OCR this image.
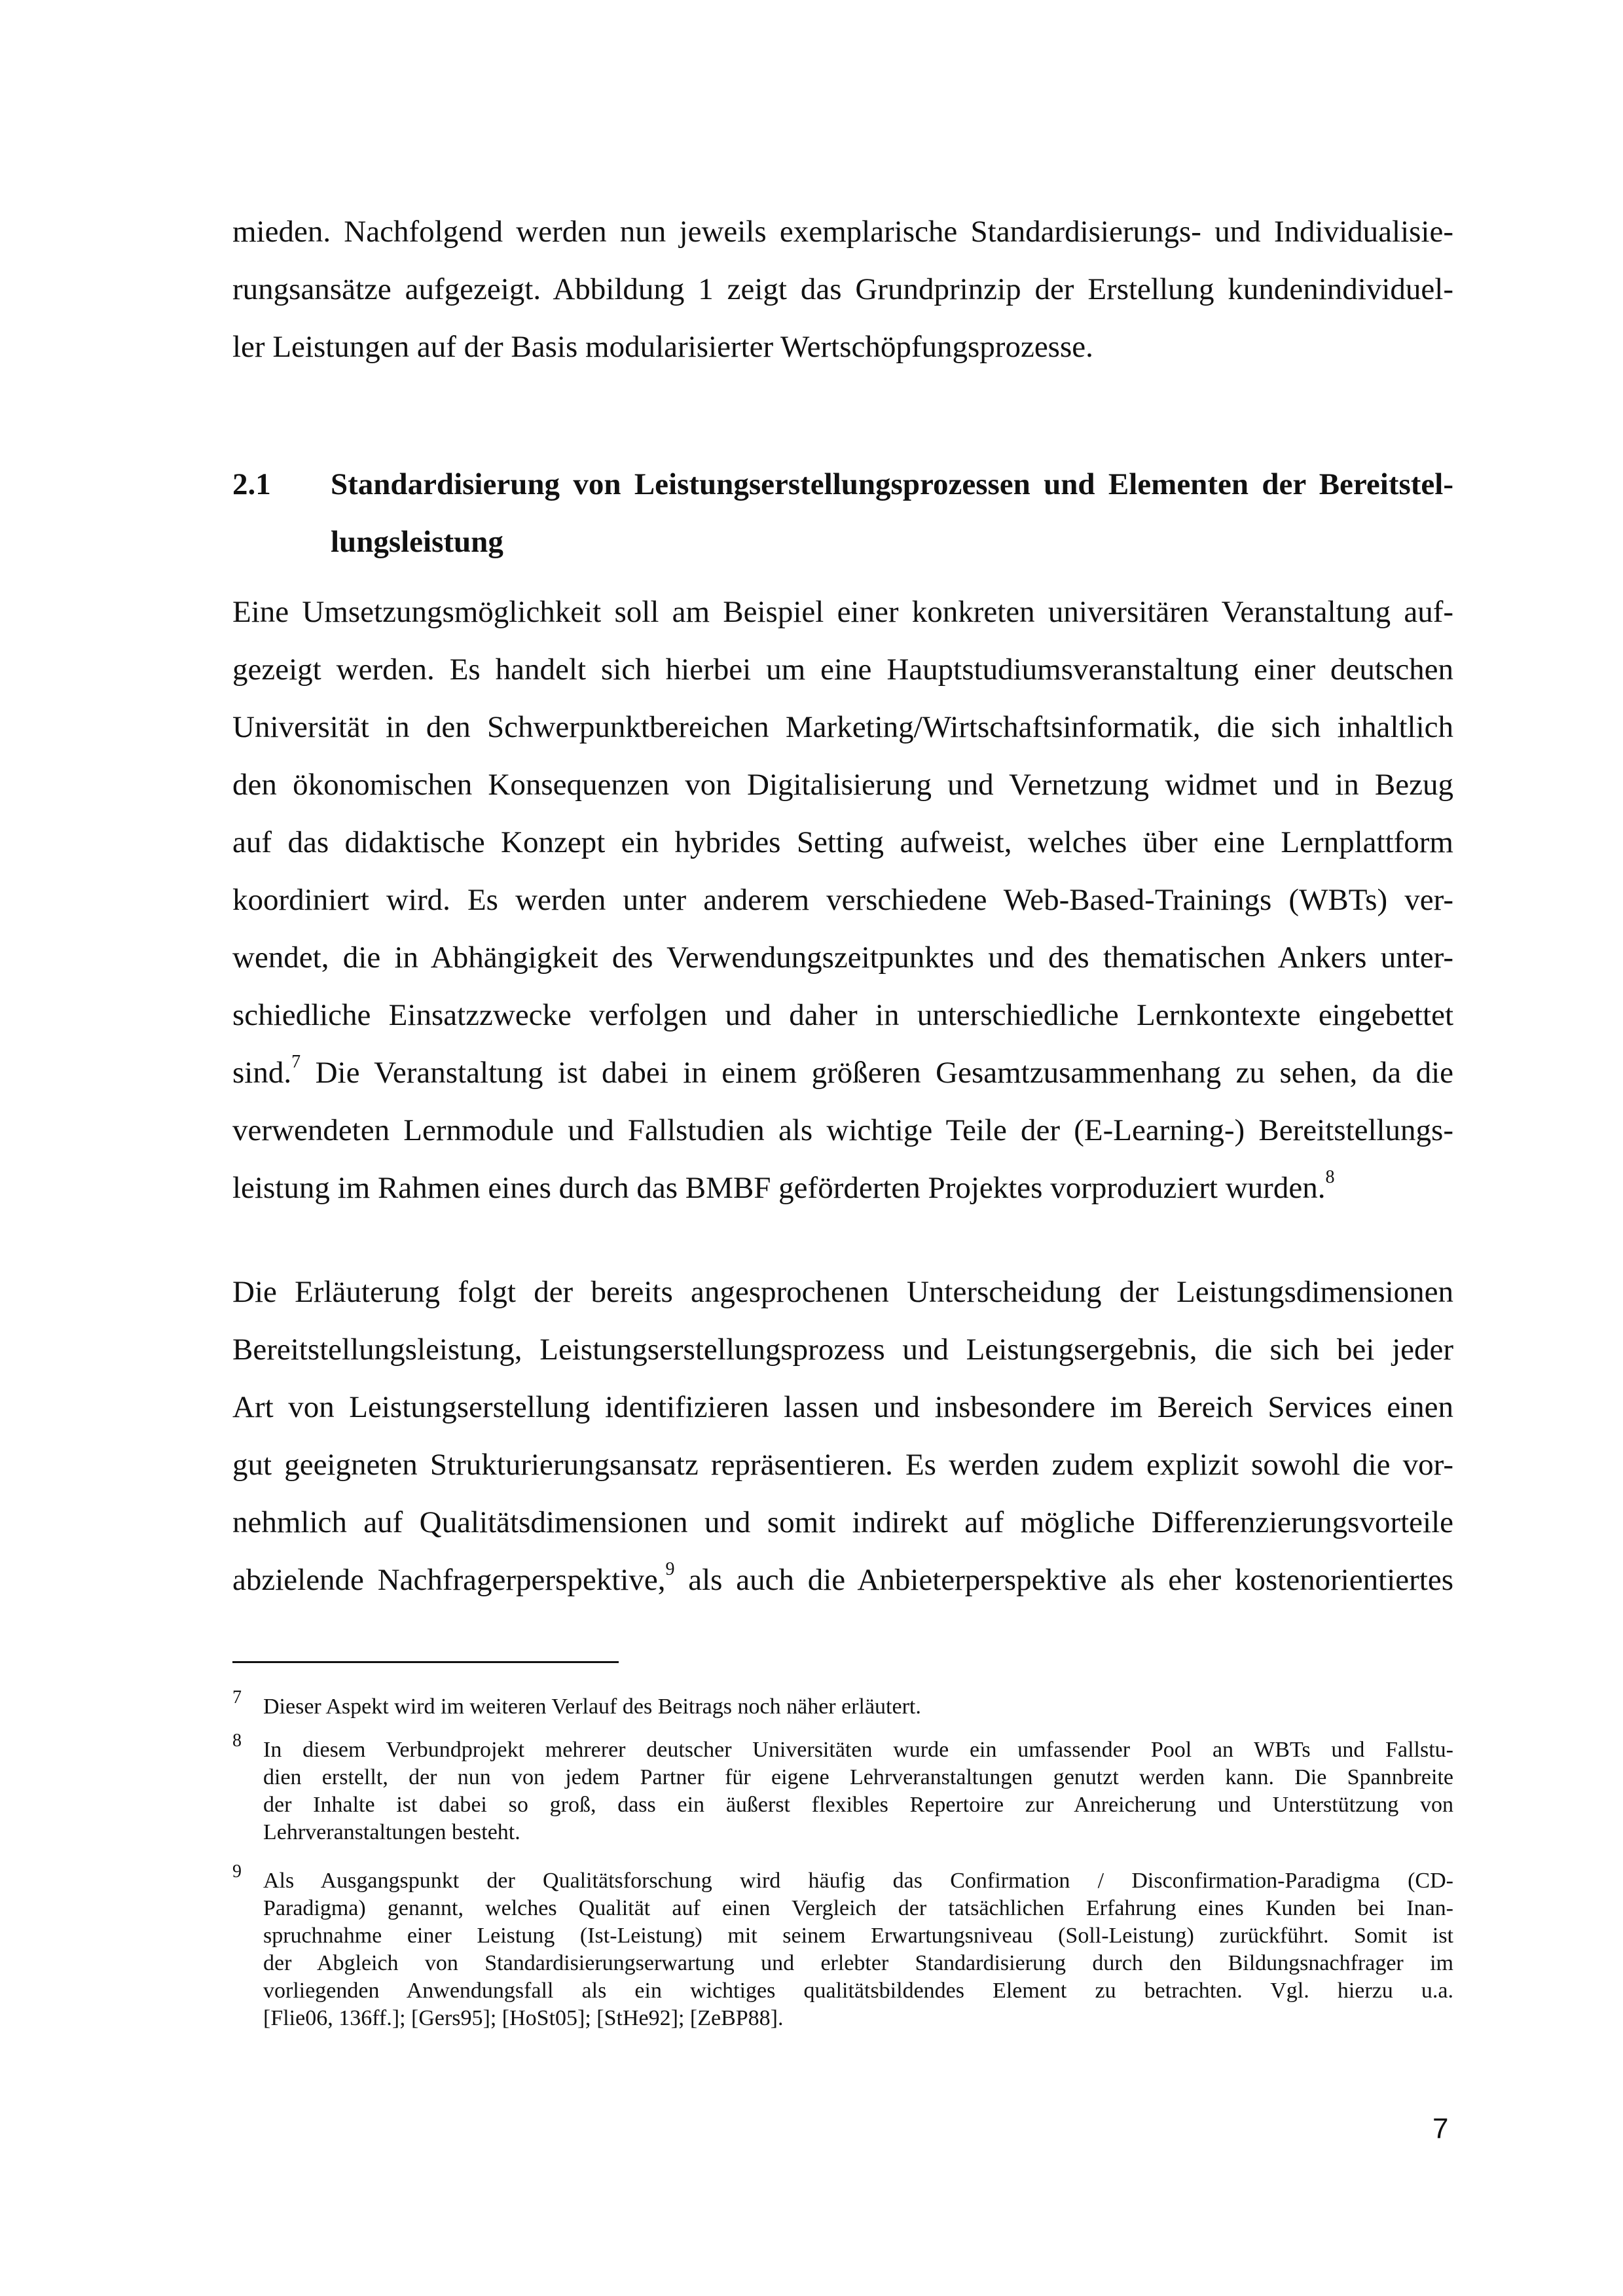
mieden. Nachfolgend werden nun jeweils exemplarische Standardisierungs- und Individualisie-
rungsansätze aufgezeigt. Abbildung 1 zeigt das Grundprinzip der Erstellung kundenindividuel-
ler Leistungen auf der Basis modularisierter Wertschöpfungsprozesse.
2.1 Standardisierung von Leistungserstellungsprozessen und Elementen der Bereitstel-
lungsleistung
Eine Umsetzungsmöglichkeit soll am Beispiel einer konkreten universitären Veranstaltung auf-
gezeigt werden. Es handelt sich hierbei um eine Hauptstudiumsveranstaltung einer deutschen
Universität in den Schwerpunktbereichen Marketing/Wirtschaftsinformatik, die sich inhaltlich
den ökonomischen Konsequenzen von Digitalisierung und Vernetzung widmet und in Bezug
auf das didaktische Konzept ein hybrides Setting aufweist, welches über eine Lernplattform
koordiniert wird. Es werden unter anderem verschiedene Web-Based-Trainings (WBTs) ver-
wendet, die in Abhängigkeit des Verwendungszeitpunktes und des thematischen Ankers unter-
schiedliche Einsatzzwecke verfolgen und daher in unterschiedliche Lernkontexte eingebettet
sind.$^7$ Die Veranstaltung ist dabei in einem größeren Gesamtzusammenhang zu sehen, da die
verwendeten Lernmodule und Fallstudien als wichtige Teile der (E-Learning-) Bereitstellungs-
leistung im Rahmen eines durch das BMBF geförderten Projektes vorproduziert wurden.$^8$
Die Erläuterung folgt der bereits angesprochenen Unterscheidung der Leistungsdimensionen
Bereitstellungsleistung, Leistungserstellungsprozess und Leistungsergebnis, die sich bei jeder
Art von Leistungserstellung identifizieren lassen und insbesondere im Bereich Services einen
gut geeigneten Strukturierungsansatz repräsentieren. Es werden zudem explizit sowohl die vor-
nehmlich auf Qualitätsdimensionen und somit indirekt auf mögliche Differenzierungsvorteile
abzielende Nachfragerperspektive,$^9$ als auch die Anbieterperspektive als eher kostenorientiertes
7 Dieser Aspekt wird im weiteren Verlauf des Beitrags noch näher erläutert.
8 In diesem Verbundprojekt mehrerer deutscher Universitäten wurde ein umfassender Pool an WBTs und Fallstu-
dien erstellt, der nun von jedem Partner für eigene Lehrveranstaltungen genutzt werden kann. Die Spannbreite
der Inhalte ist dabei so groß, dass ein äußerst flexibles Repertoire zur Anreicherung und Unterstützung von
Lehrveranstaltungen besteht.
9 Als Ausgangspunkt der Qualitätsforschung wird häufig das Confirmation / Disconfirmation-Paradigma (CD-
Paradigma) genannt, welches Qualität auf einen Vergleich der tatsächlichen Erfahrung eines Kunden bei Inan-
spruchnahme einer Leistung (Ist-Leistung) mit seinem Erwartungsniveau (Soll-Leistung) zurückführt. Somit ist
der Abgleich von Standardisierungserwartung und erlebter Standardisierung durch den Bildungsnachfrager im
vorliegenden Anwendungsfall als ein wichtiges qualitätsbildendes Element zu betrachten. Vgl. hierzu u.a.
[Flie06, 136ff.]; [Gers95]; [HoSt05]; [StHe92]; [ZeBP88].
7
